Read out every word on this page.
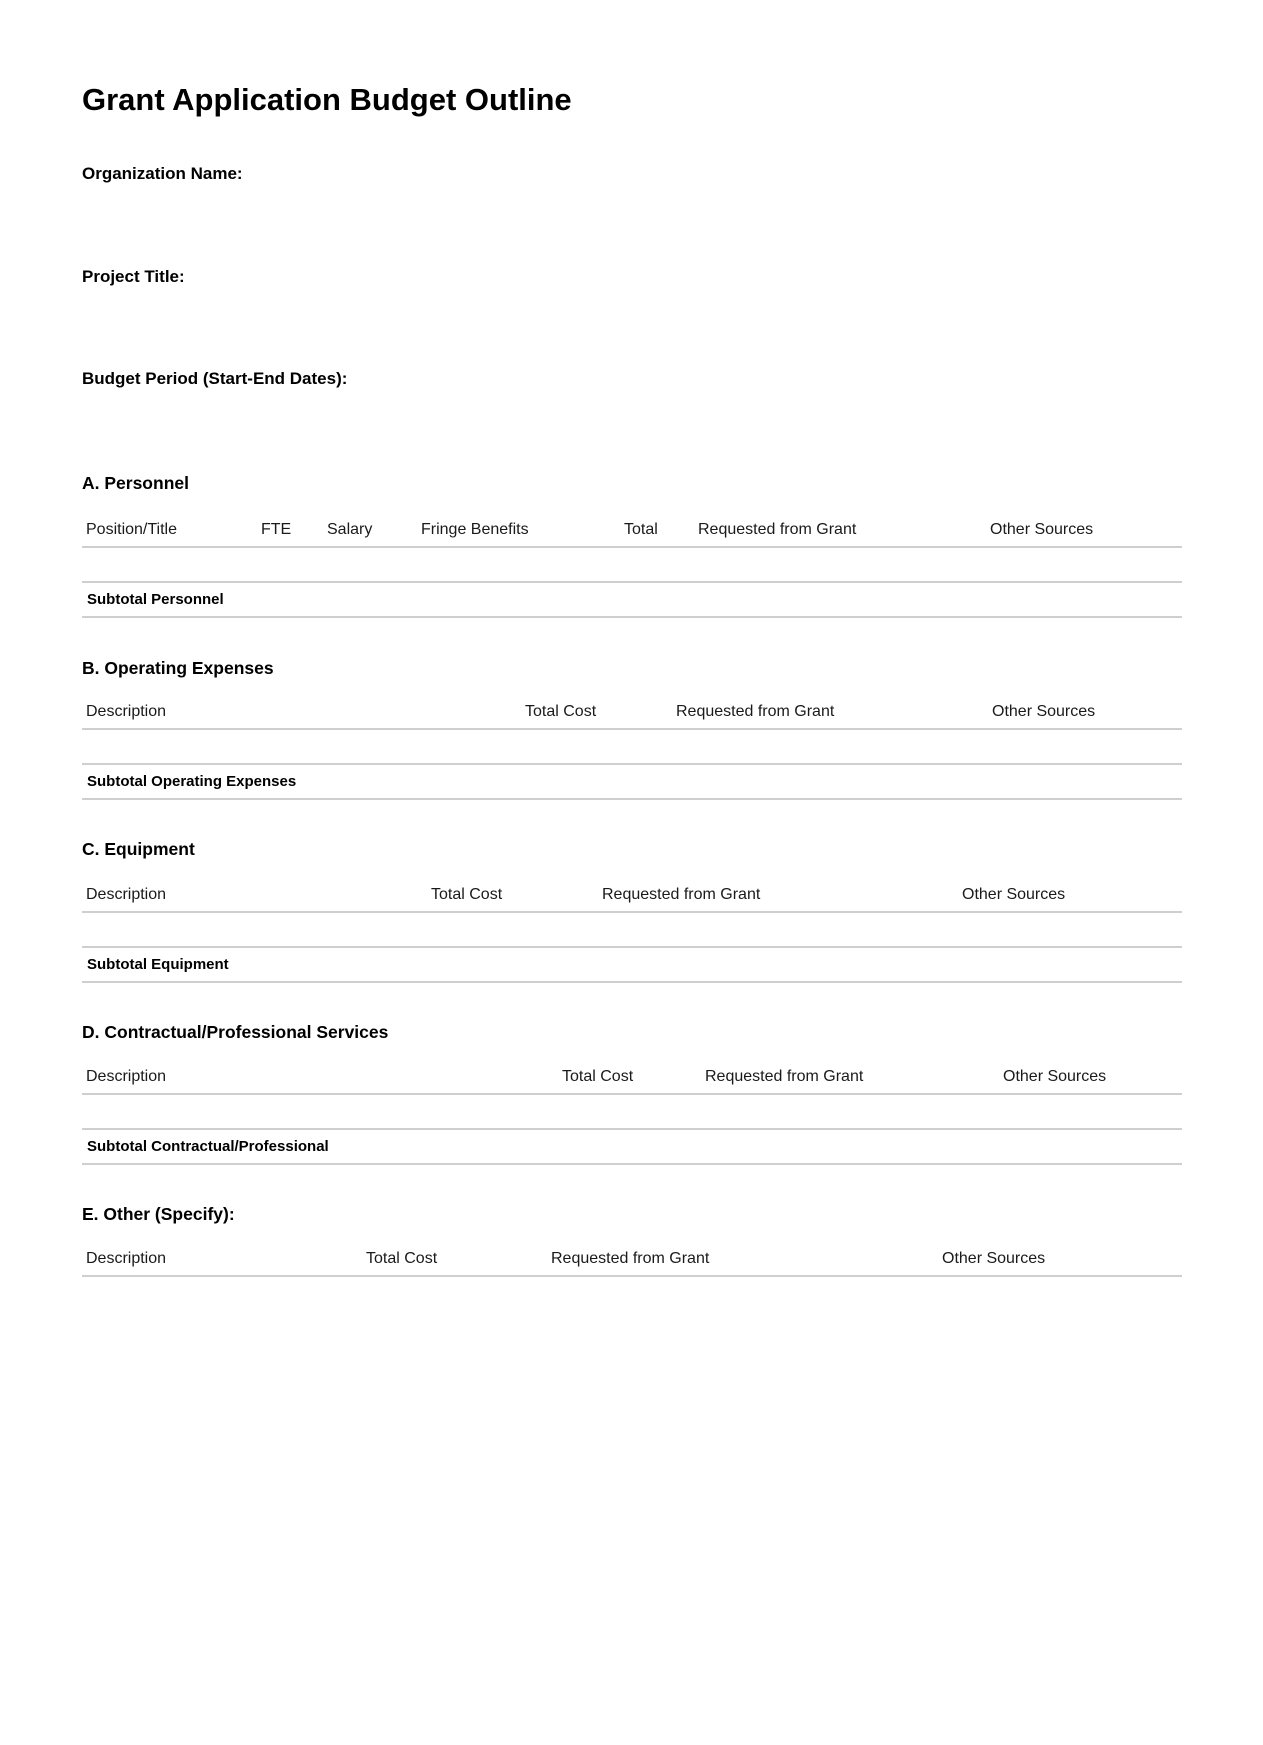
Grant Application Budget Outline
Organization Name:
Project Title:
Budget Period (Start-End Dates):
A. Personnel
Position/Title	FTE	Salary	Fringe Benefits	Total	Requested from Grant	Other Sources

Subtotal Personnel						
B. Operating Expenses
Description	Total Cost	Requested from Grant	Other Sources

Subtotal Operating Expenses			
C. Equipment
Description	Total Cost	Requested from Grant	Other Sources

Subtotal Equipment			
D. Contractual/Professional Services
Description	Total Cost	Requested from Grant	Other Sources

Subtotal Contractual/Professional			
E. Other (Specify):
Description	Total Cost	Requested from Grant	Other Sources
